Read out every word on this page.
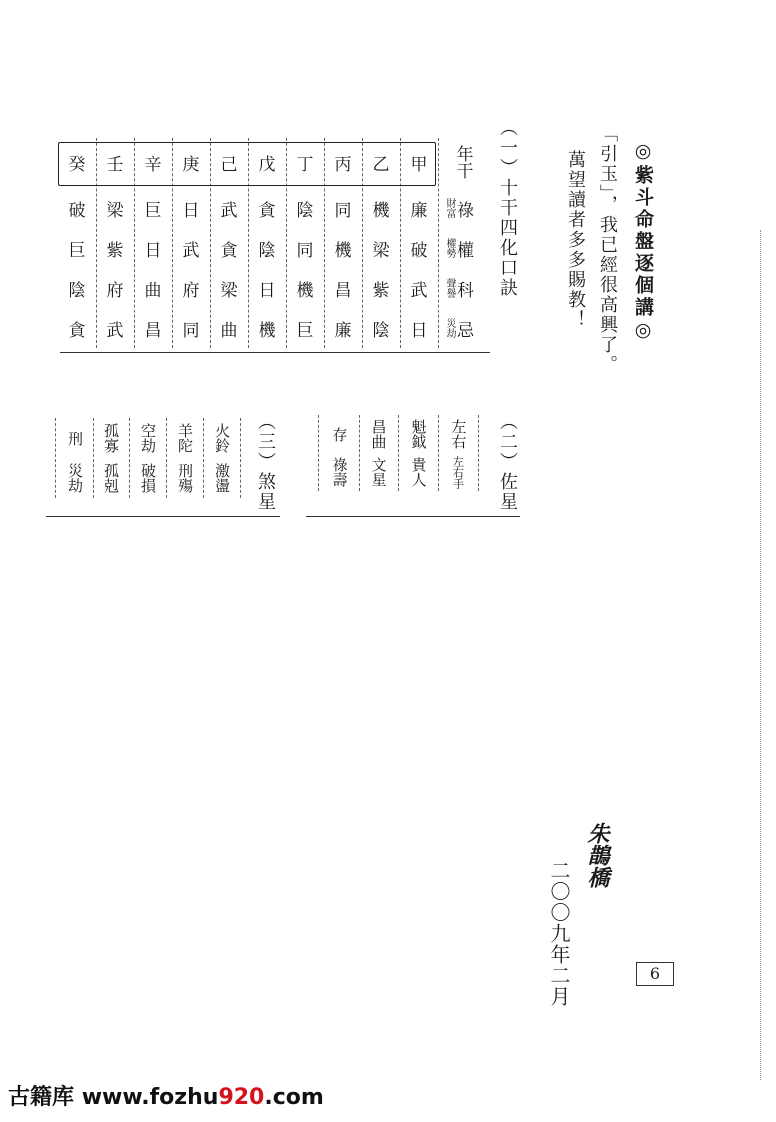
◎紫斗命盤逐個講◎
「引玉」，我已經很高興了。
萬望讀者多多賜教！
（一）十干四化口訣
年干
財富 祿
權勢 權
聲譽 科
災劫 忌
甲
廉
破
武
日
乙
機
梁
紫
陰
丙
同
機
昌
廉
丁
陰
同
機
巨
戊
貪
陰
日
機
己
武
貪
梁
曲
庚
日
武
府
同
辛
巨
日
曲
昌
壬
梁
紫
府
武
癸
破
巨
陰
貪
（二）佐星
左右
左右手
魁鉞
貴人
昌曲
文星
存
祿壽
（三）煞星
火鈴
激盪
羊陀
刑殤
空劫
破損
孤寡
孤剋
刑
災劫
朱鵲橋
二〇〇九年二月	6
古籍库 www.fozhu920.com
